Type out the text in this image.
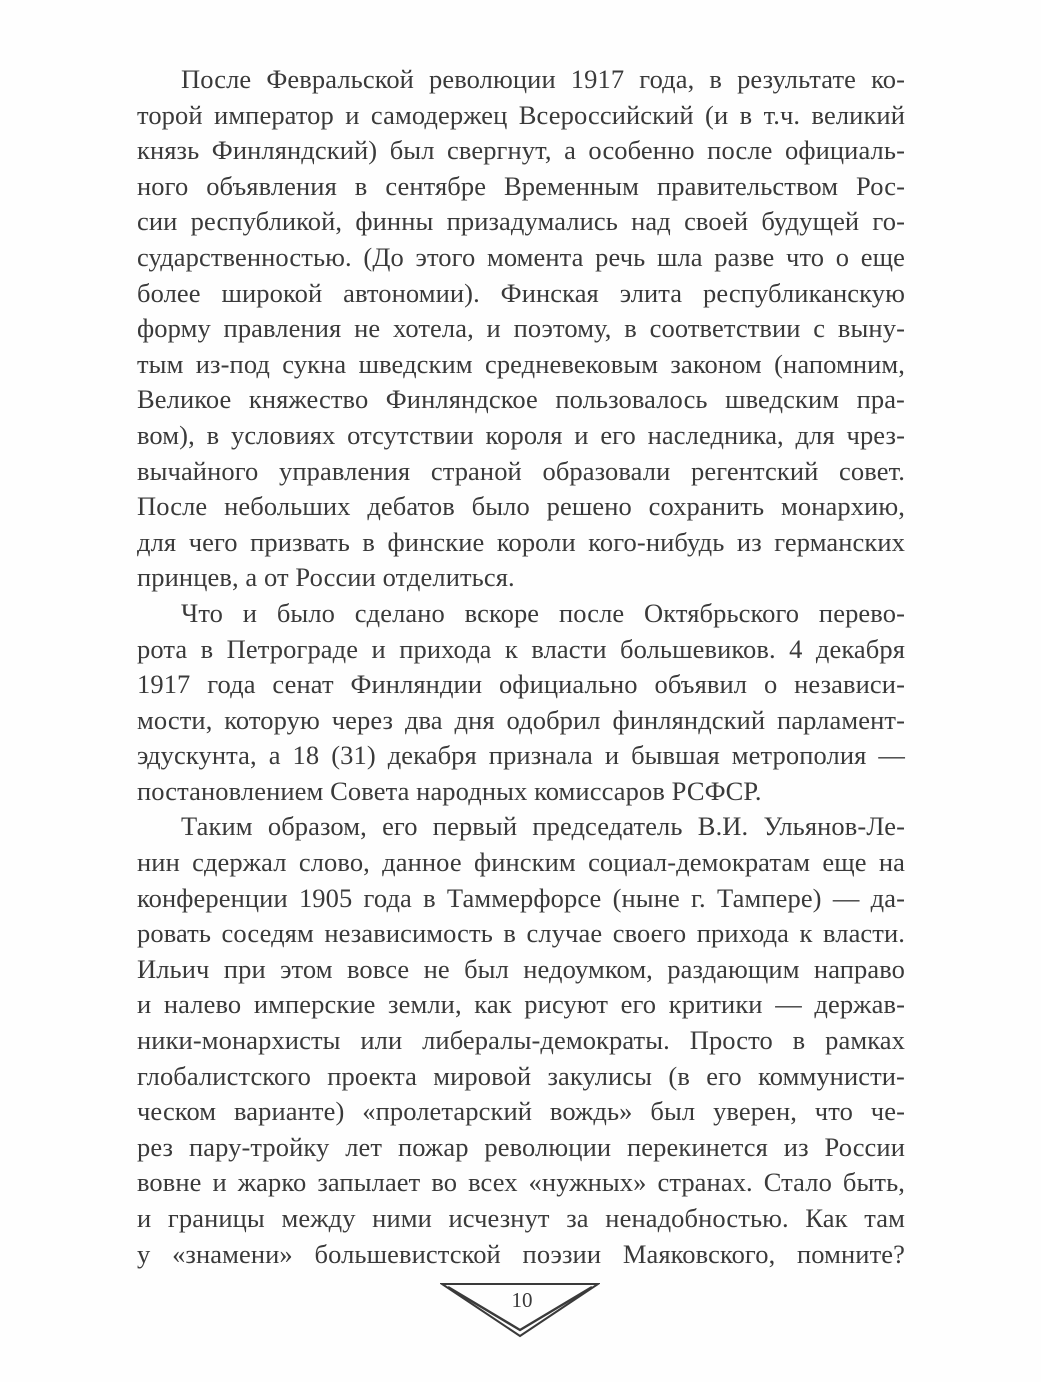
После Февральской революции 1917 года, в результате ко-
торой император и самодержец Всероссийский (и в т.ч. великий
князь Финляндский) был свергнут, а особенно после официаль-
ного объявления в сентябре Временным правительством Рос-
сии республикой, финны призадумались над своей будущей го-
сударственностью. (До этого момента речь шла разве что о еще
более широкой автономии). Финская элита республиканскую
форму правления не хотела, и поэтому, в соответствии с выну-
тым из-под сукна шведским средневековым законом (напомним,
Великое княжество Финляндское пользовалось шведским пра-
вом), в условиях отсутствии короля и его наследника, для чрез-
вычайного управления страной образовали регентский совет.
После небольших дебатов было решено сохранить монархию,
для чего призвать в финские короли кого-нибудь из германских
принцев, а от России отделиться.
Что и было сделано вскоре после Октябрьского перево-
рота в Петрограде и прихода к власти большевиков. 4 декабря
1917 года сенат Финляндии официально объявил о независи-
мости, которую через два дня одобрил финляндский парламент-
эдускунта, а 18 (31) декабря признала и бывшая метрополия —
постановлением Совета народных комиссаров РСФСР.
Таким образом, его первый председатель В.И. Ульянов-Ле-
нин сдержал слово, данное финским социал-демократам еще на
конференции 1905 года в Таммерфорсе (ныне г. Тампере) — да-
ровать соседям независимость в случае своего прихода к власти.
Ильич при этом вовсе не был недоумком, раздающим направо
и налево имперские земли, как рисуют его критики — держав-
ники-монархисты или либералы-демократы. Просто в рамках
глобалистского проекта мировой закулисы (в его коммунисти-
ческом варианте) «пролетарский вождь» был уверен, что че-
рез пару-тройку лет пожар революции перекинется из России
вовне и жарко запылает во всех «нужных» странах. Стало быть,
и границы между ними исчезнут за ненадобностью. Как там
у «знамени» большевистской поэзии Маяковского, помните?
10
